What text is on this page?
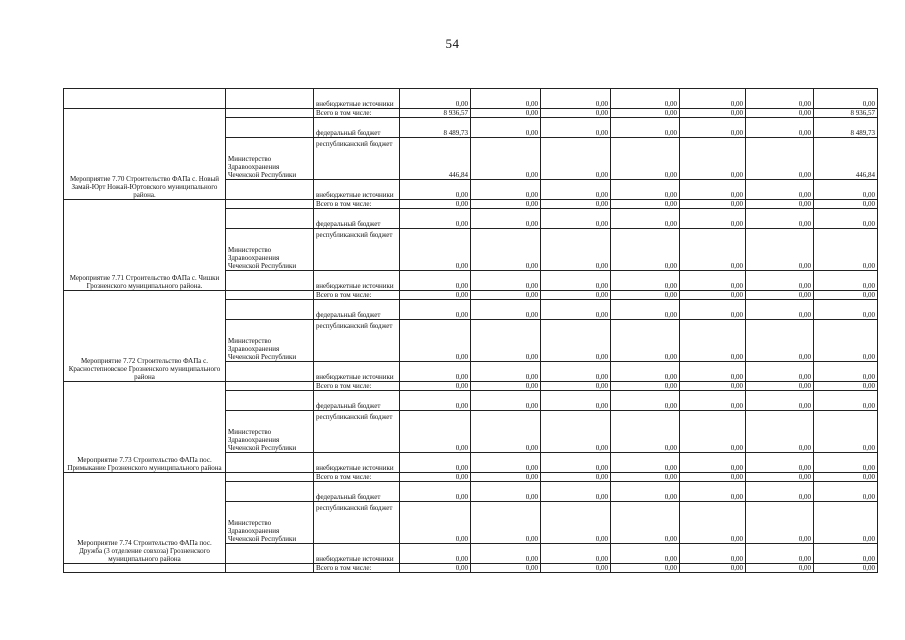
54
		внебюджетные источники	0,00	0,00	0,00	0,00	0,00	0,00	0,00
Мероприятие 7.70 Строительство ФАПа с. Новый Замай-Юрт Ножай-Юртовского муниципального района.		Всего в том числе:	8 936,57	0,00	0,00	0,00	0,00	0,00	8 936,57
		федеральный бюджет	8 489,73	0,00	0,00	0,00	0,00	0,00	8 489,73
	Министерство Здравоохранения Чеченской Республики	республиканский бюджет	446,84	0,00	0,00	0,00	0,00	0,00	446,84
		внебюджетные источники	0,00	0,00	0,00	0,00	0,00	0,00	0,00
Мероприятие 7.71 Строительство ФАПа с. Чишки Грозненского муниципального района.		Всего в том числе:	0,00	0,00	0,00	0,00	0,00	0,00	0,00
		федеральный бюджет	0,00	0,00	0,00	0,00	0,00	0,00	0,00
	Министерство Здравоохранения Чеченской Республики	республиканский бюджет	0,00	0,00	0,00	0,00	0,00	0,00	0,00
		внебюджетные источники	0,00	0,00	0,00	0,00	0,00	0,00	0,00
Мероприятие 7.72 Строительство ФАПа с. Красностепновское Грозненского муниципального района		Всего в том числе:	0,00	0,00	0,00	0,00	0,00	0,00	0,00
		федеральный бюджет	0,00	0,00	0,00	0,00	0,00	0,00	0,00
	Министерство Здравоохранения Чеченской Республики	республиканский бюджет	0,00	0,00	0,00	0,00	0,00	0,00	0,00
		внебюджетные источники	0,00	0,00	0,00	0,00	0,00	0,00	0,00
Мероприятие 7.73 Строительство ФАПа пос. Примыкание Грозненского муниципального района		Всего в том числе:	0,00	0,00	0,00	0,00	0,00	0,00	0,00
		федеральный бюджет	0,00	0,00	0,00	0,00	0,00	0,00	0,00
	Министерство Здравоохранения Чеченской Республики	республиканский бюджет	0,00	0,00	0,00	0,00	0,00	0,00	0,00
		внебюджетные источники	0,00	0,00	0,00	0,00	0,00	0,00	0,00
Мероприятие 7.74 Строительство ФАПа пос. Дружба (3 отделение совхоза) Грозненского муниципального района		Всего в том числе:	0,00	0,00	0,00	0,00	0,00	0,00	0,00
		федеральный бюджет	0,00	0,00	0,00	0,00	0,00	0,00	0,00
	Министерство Здравоохранения Чеченской Республики	республиканский бюджет	0,00	0,00	0,00	0,00	0,00	0,00	0,00
		внебюджетные источники	0,00	0,00	0,00	0,00	0,00	0,00	0,00
		Всего в том числе:	0,00	0,00	0,00	0,00	0,00	0,00	0,00
